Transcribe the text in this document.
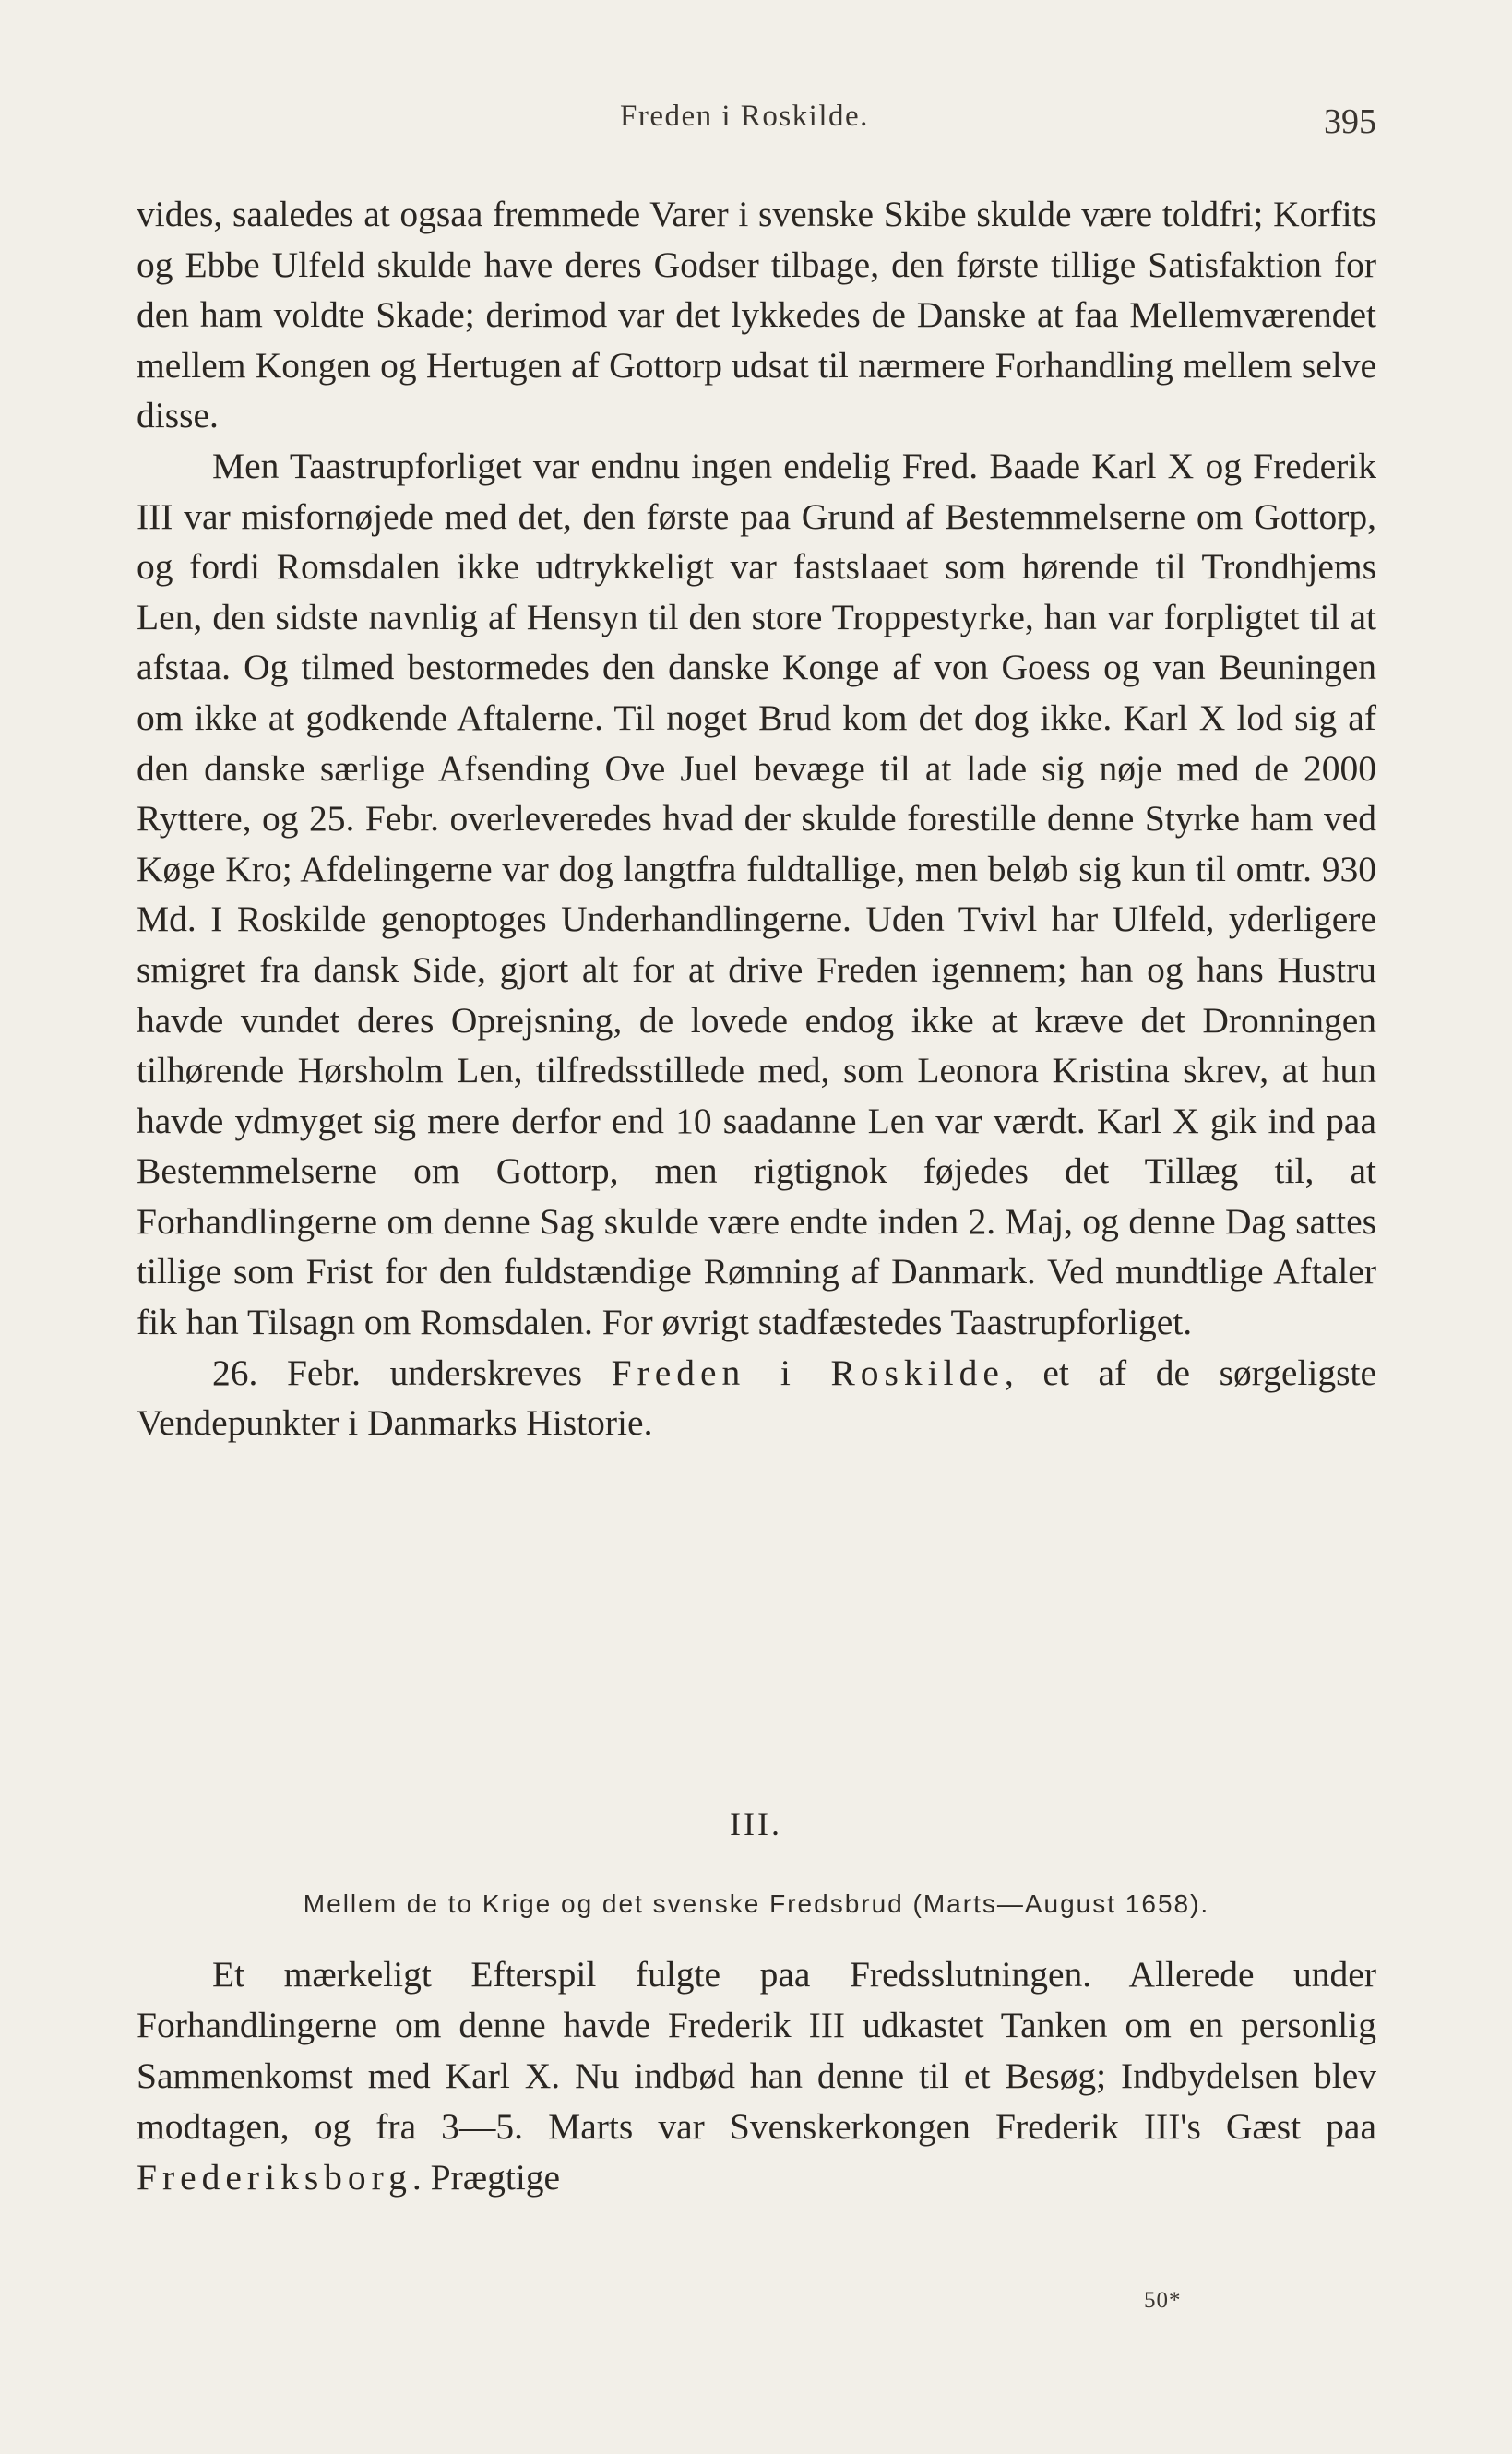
Freden i Roskilde.	395

vides, saaledes at ogsaa fremmede Varer i svenske Skibe skulde være toldfri; Korfits og Ebbe Ulfeld skulde have deres Godser tilbage, den første tillige Satisfaktion for den ham voldte Skade; derimod var det lykkedes de Danske at faa Mellemværendet mellem Kongen og Hertugen af Gottorp udsat til nærmere Forhandling mellem selve disse.

Men Taastrupforliget var endnu ingen endelig Fred. Baade Karl X og Frederik III var misfornøjede med det, den første paa Grund af Bestemmelserne om Gottorp, og fordi Romsdalen ikke udtrykkeligt var fastslaaet som hørende til Trondhjems Len, den sidste navnlig af Hensyn til den store Troppestyrke, han var forpligtet til at afstaa. Og tilmed bestormedes den danske Konge af von Goess og van Beuningen om ikke at godkende Aftalerne. Til noget Brud kom det dog ikke. Karl X lod sig af den danske særlige Afsending Ove Juel bevæge til at lade sig nøje med de 2000 Ryttere, og 25. Febr. overleveredes hvad der skulde forestille denne Styrke ham ved Køge Kro; Afdelingerne var dog langtfra fuldtallige, men beløb sig kun til omtr. 930 Md. I Roskilde genoptoges Underhandlingerne. Uden Tvivl har Ulfeld, yderligere smigret fra dansk Side, gjort alt for at drive Freden igennem; han og hans Hustru havde vundet deres Oprejsning, de lovede endog ikke at kræve det Dronningen tilhørende Hørsholm Len, tilfredsstillede med, som Leonora Kristina skrev, at hun havde ydmyget sig mere derfor end 10 saadanne Len var værdt. Karl X gik ind paa Bestemmelserne om Gottorp, men rigtignok føjedes det Tillæg til, at Forhandlingerne om denne Sag skulde være endte inden 2. Maj, og denne Dag sattes tillige som Frist for den fuldstændige Rømning af Danmark. Ved mundtlige Aftaler fik han Tilsagn om Romsdalen. For øvrigt stadfæstedes Taastrupforliget.

26. Febr. underskreves Freden i Roskilde, et af de sørgeligste Vendepunkter i Danmarks Historie.

III.
Mellem de to Krige og det svenske Fredsbrud (Marts—August 1658).

Et mærkeligt Efterspil fulgte paa Fredsslutningen. Allerede under Forhandlingerne om denne havde Frederik III udkastet Tanken om en personlig Sammenkomst med Karl X. Nu indbød han denne til et Besøg; Indbydelsen blev modtagen, og fra 3—5. Marts var Svenskerkongen Frederik III's Gæst paa Frederiksborg. Prægtige

50*
